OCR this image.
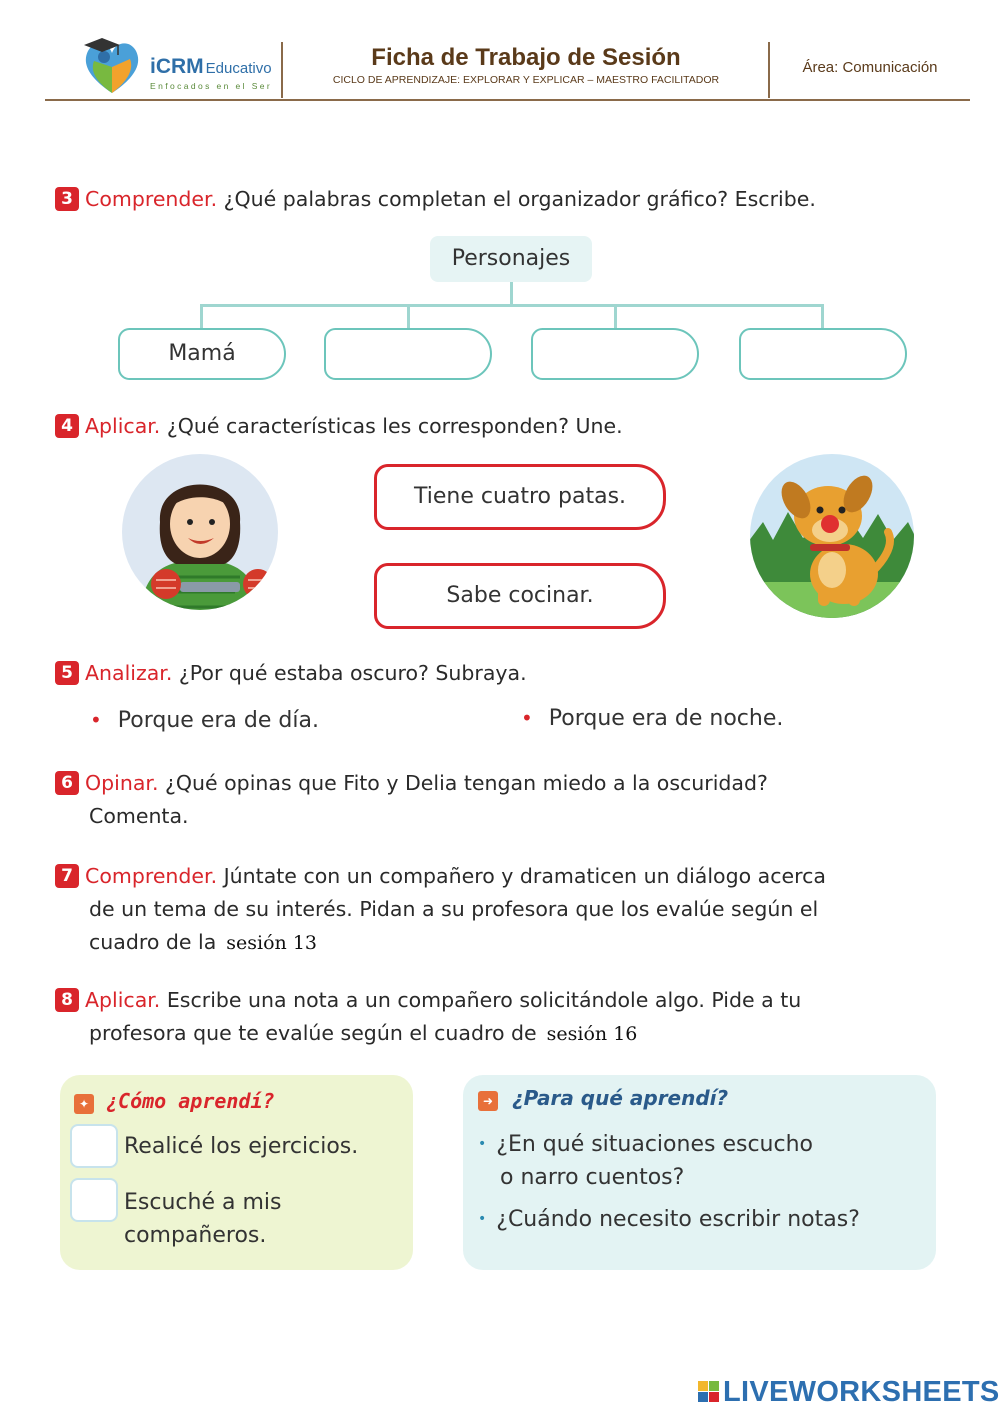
iCRM Educativo
Enfocados en el Ser
Ficha de Trabajo de Sesión
CICLO DE APRENDIZAJE: EXPLORAR Y EXPLICAR – MAESTRO FACILITADOR
Área: Comunicación
3 Comprender. ¿Qué palabras completan el organizador gráfico? Escribe.
Personajes
Mamá
4 Aplicar. ¿Qué características les corresponden? Une.
Tiene cuatro patas.
Sabe cocinar.
5 Analizar. ¿Por qué estaba oscuro? Subraya.
• Porque era de día.	• Porque era de noche.
6 Opinar. ¿Qué opinas que Fito y Delia tengan miedo a la oscuridad?
Comenta.
7 Comprender. Júntate con un compañero y dramaticen un diálogo acerca
de un tema de su interés. Pidan a su profesora que los evalúe según el
cuadro de la sesión 13
8 Aplicar. Escribe una nota a un compañero solicitándole algo. Pide a tu
profesora que te evalúe según el cuadro de sesión 16
✦ ¿Cómo aprendí?
Realicé los ejercicios.
Escuché a mis
compañeros.
➜ ¿Para qué aprendí?
• ¿En qué situaciones escucho
o narro cuentos?
• ¿Cuándo necesito escribir notas?
LIVEWORKSHEETS
